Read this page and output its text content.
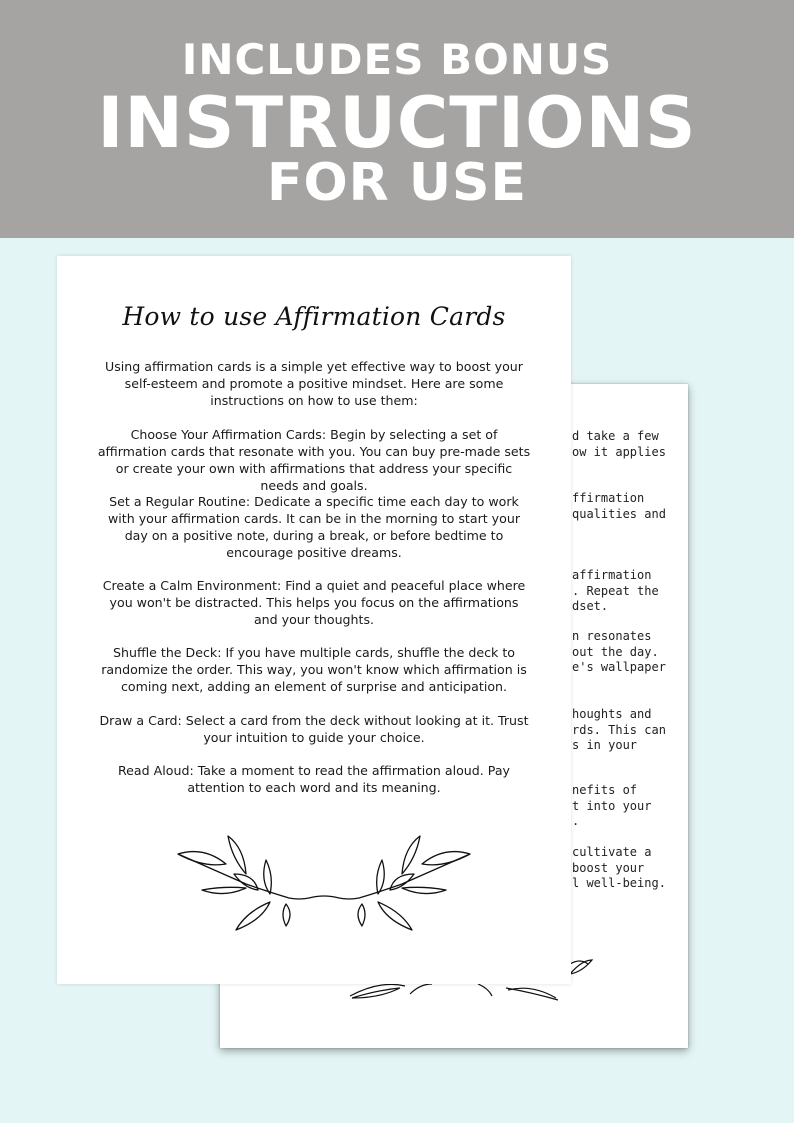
INCLUDES BONUS
INSTRUCTIONS
FOR USE
d take a few
ow it applies
ffirmation
qualities and
affirmation
. Repeat the
dset.
n resonates
out the day.
e's wallpaper
houghts and
rds. This can
s in your
nefits of
t into your
.
cultivate a
boost your
l well-being.
How to use Affirmation Cards

Using affirmation cards is a simple yet effective way to boost your self-esteem and promote a positive mindset. Here are some instructions on how to use them:

Choose Your Affirmation Cards: Begin by selecting a set of affirmation cards that resonate with you. You can buy pre-made sets or create your own with affirmations that address your specific needs and goals.

Set a Regular Routine: Dedicate a specific time each day to work with your affirmation cards. It can be in the morning to start your day on a positive note, during a break, or before bedtime to encourage positive dreams.

Create a Calm Environment: Find a quiet and peaceful place where you won't be distracted. This helps you focus on the affirmations and your thoughts.

Shuffle the Deck: If you have multiple cards, shuffle the deck to randomize the order. This way, you won't know which affirmation is coming next, adding an element of surprise and anticipation.

Draw a Card: Select a card from the deck without looking at it. Trust your intuition to guide your choice.

Read Aloud: Take a moment to read the affirmation aloud. Pay attention to each word and its meaning.
